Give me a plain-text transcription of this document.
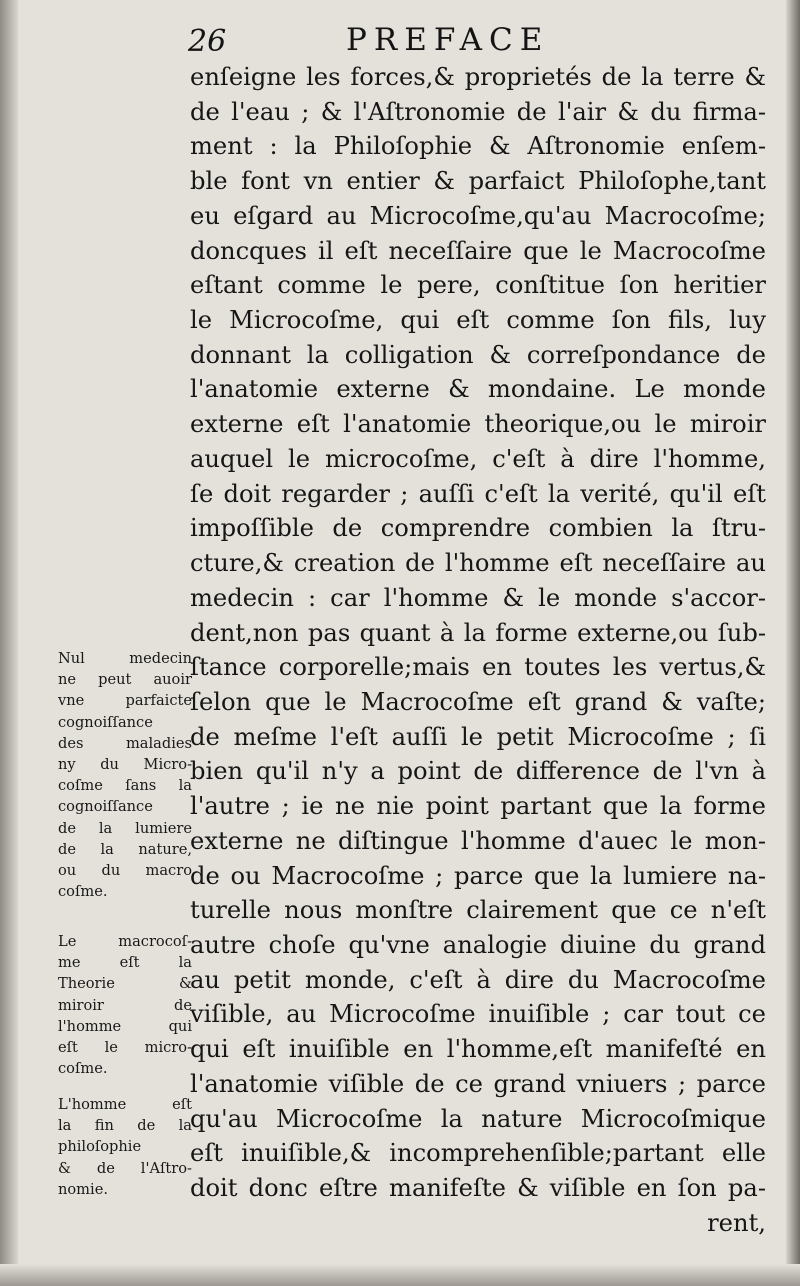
26	PREFACE
enſeigne les forces,& proprietés de la terre &
de l'eau ; & l'Aſtronomie de l'air & du firma-
ment : la Philoſophie & Aſtronomie enſem-
ble font vn entier & parfaict Philoſophe,tant
eu eſgard au Microcoſme,qu'au Macrocoſme;
doncques il eſt neceſſaire que le Macrocoſme
eſtant comme le pere, conſtitue ſon heritier
le Microcoſme, qui eſt comme ſon fils, luy
donnant la colligation & correſpondance de
l'anatomie externe & mondaine. Le monde
externe eſt l'anatomie theorique,ou le miroir
auquel le microcoſme, c'eſt à dire l'homme,
ſe doit regarder ; auſſi c'eſt la verité, qu'il eſt
impoſſible de comprendre combien la ſtru-
cture,& creation de l'homme eſt neceſſaire au
medecin : car l'homme & le monde s'accor-
dent,non pas quant à la forme externe,ou ſub-
ſtance corporelle;mais en toutes les vertus,&
ſelon que le Macrocoſme eſt grand & vaſte;
de meſme l'eſt auſſi le petit Microcoſme ; ſi
bien qu'il n'y a point de difference de l'vn à
l'autre ; ie ne nie point partant que la forme
externe ne diſtingue l'homme d'auec le mon-
de ou Macrocoſme ; parce que la lumiere na-
turelle nous monſtre clairement que ce n'eſt
autre choſe qu'vne analogie diuine du grand
au petit monde, c'eſt à dire du Macrocoſme
viſible, au Microcoſme inuiſible ; car tout ce
qui eſt inuiſible en l'homme,eſt manifeſté en
l'anatomie viſible de ce grand vniuers ; parce
qu'au Microcoſme la nature Microcoſmique
eſt inuiſible,& incomprehenſible;partant elle
doit donc eſtre manifeſte & viſible en ſon pa-
rent,
Nul medecin
ne peut auoir
vne parfaicte
cognoiſſance
des maladies
ny du Micro-
coſme ſans la
cognoiſſance
de la lumiere
de la nature,
ou du macro
coſme.
Le macrocoſ-
me eſt la
Theorie &
miroir de
l'homme qui
eſt le micro-
coſme.
L'homme eſt
la fin de la
philoſophie
& de l'Aſtro-
nomie.
